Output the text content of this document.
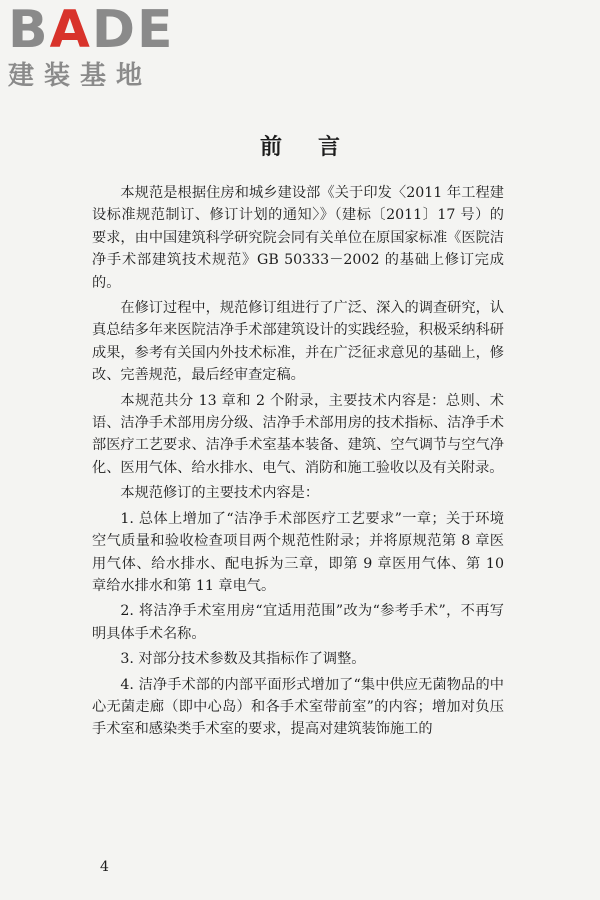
BADE
建装基地
前言

本规范是根据住房和城乡建设部《关于印发〈2011 年工程建设标准规范制订、修订计划的通知〉》（建标〔2011〕17 号）的要求，由中国建筑科学研究院会同有关单位在原国家标准《医院洁净手术部建筑技术规范》GB 50333－2002 的基础上修订完成的。

在修订过程中，规范修订组进行了广泛、深入的调查研究，认真总结多年来医院洁净手术部建筑设计的实践经验，积极采纳科研成果，参考有关国内外技术标准，并在广泛征求意见的基础上，修改、完善规范，最后经审查定稿。

本规范共分 13 章和 2 个附录，主要技术内容是：总则、术语、洁净手术部用房分级、洁净手术部用房的技术指标、洁净手术部医疗工艺要求、洁净手术室基本装备、建筑、空气调节与空气净化、医用气体、给水排水、电气、消防和施工验收以及有关附录。

本规范修订的主要技术内容是：

1. 总体上增加了“洁净手术部医疗工艺要求”一章；关于环境空气质量和验收检查项目两个规范性附录；并将原规范第 8 章医用气体、给水排水、配电拆为三章，即第 9 章医用气体、第 10 章给水排水和第 11 章电气。

2. 将洁净手术室用房“宜适用范围”改为“参考手术”，不再写明具体手术名称。

3. 对部分技术参数及其指标作了调整。

4. 洁净手术部的内部平面形式增加了“集中供应无菌物品的中心无菌走廊（即中心岛）和各手术室带前室”的内容；增加对负压手术室和感染类手术室的要求，提高对建筑装饰施工的

4
